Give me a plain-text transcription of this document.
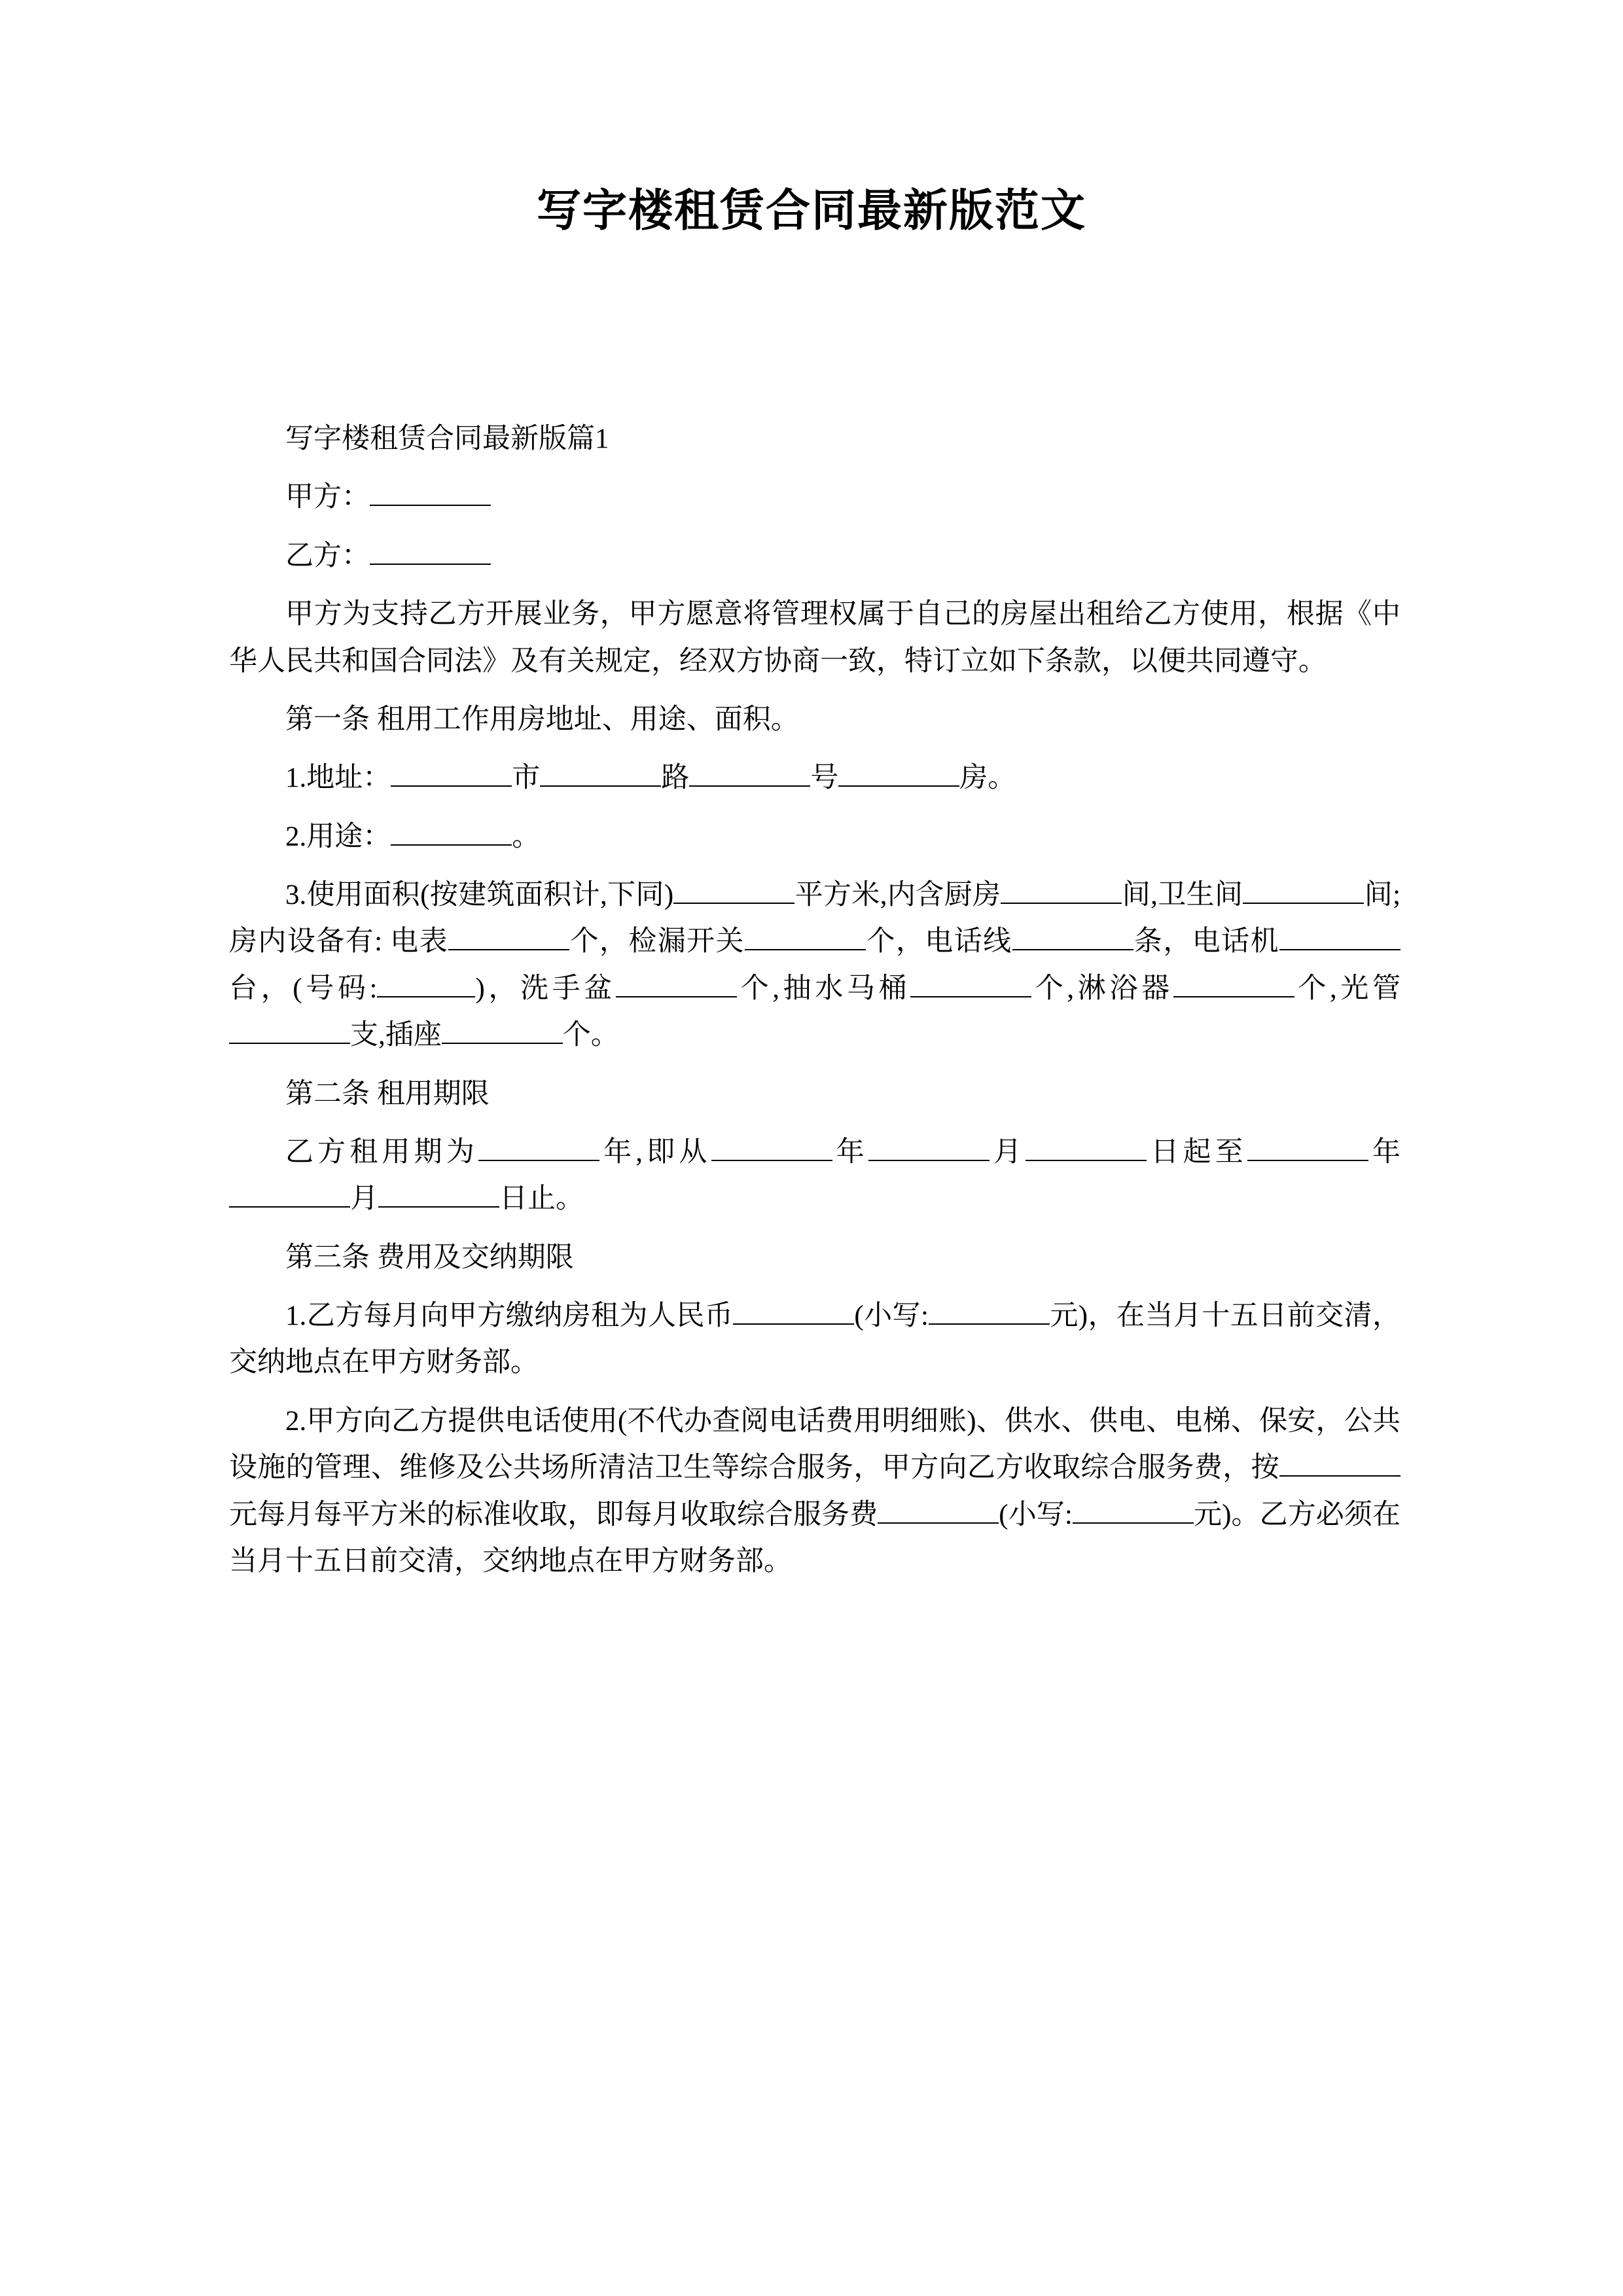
写字楼租赁合同最新版范文

写字楼租赁合同最新版篇1

甲方：

乙方：

甲方为支持乙方开展业务，甲方愿意将管理权属于自己的房屋出租给乙方使用，根据《中华人民共和国合同法》及有关规定，经双方协商一致，特订立如下条款，以便共同遵守。

第一条 租用工作用房地址、用途、面积。

1.地址：	市	路	号	房。

2.用途：	。

3.使用面积(按建筑面积计,下同)	平方米,内含厨房	间,卫生间	间;房内设备有: 电表	个，检漏开关	个，电话线	条，电话机台，(号码:	)，洗手盆	个,抽水马桶	个,淋浴器	个,光管支,插座	个。

第二条 租用期限

乙方租用期为	年,即从	年	月	日起至	年月	日止。

第三条 费用及交纳期限

1.乙方每月向甲方缴纳房租为人民币	(小写:	元)，在当月十五日前交清，交纳地点在甲方财务部。

2.甲方向乙方提供电话使用(不代办查阅电话费用明细账)、供水、供电、电梯、保安，公共设施的管理、维修及公共场所清洁卫生等综合服务，甲方向乙方收取综合服务费，按元每月每平方米的标准收取，即每月收取综合服务费	(小写:	元)。乙方必须在当月十五日前交清，交纳地点在甲方财务部。
